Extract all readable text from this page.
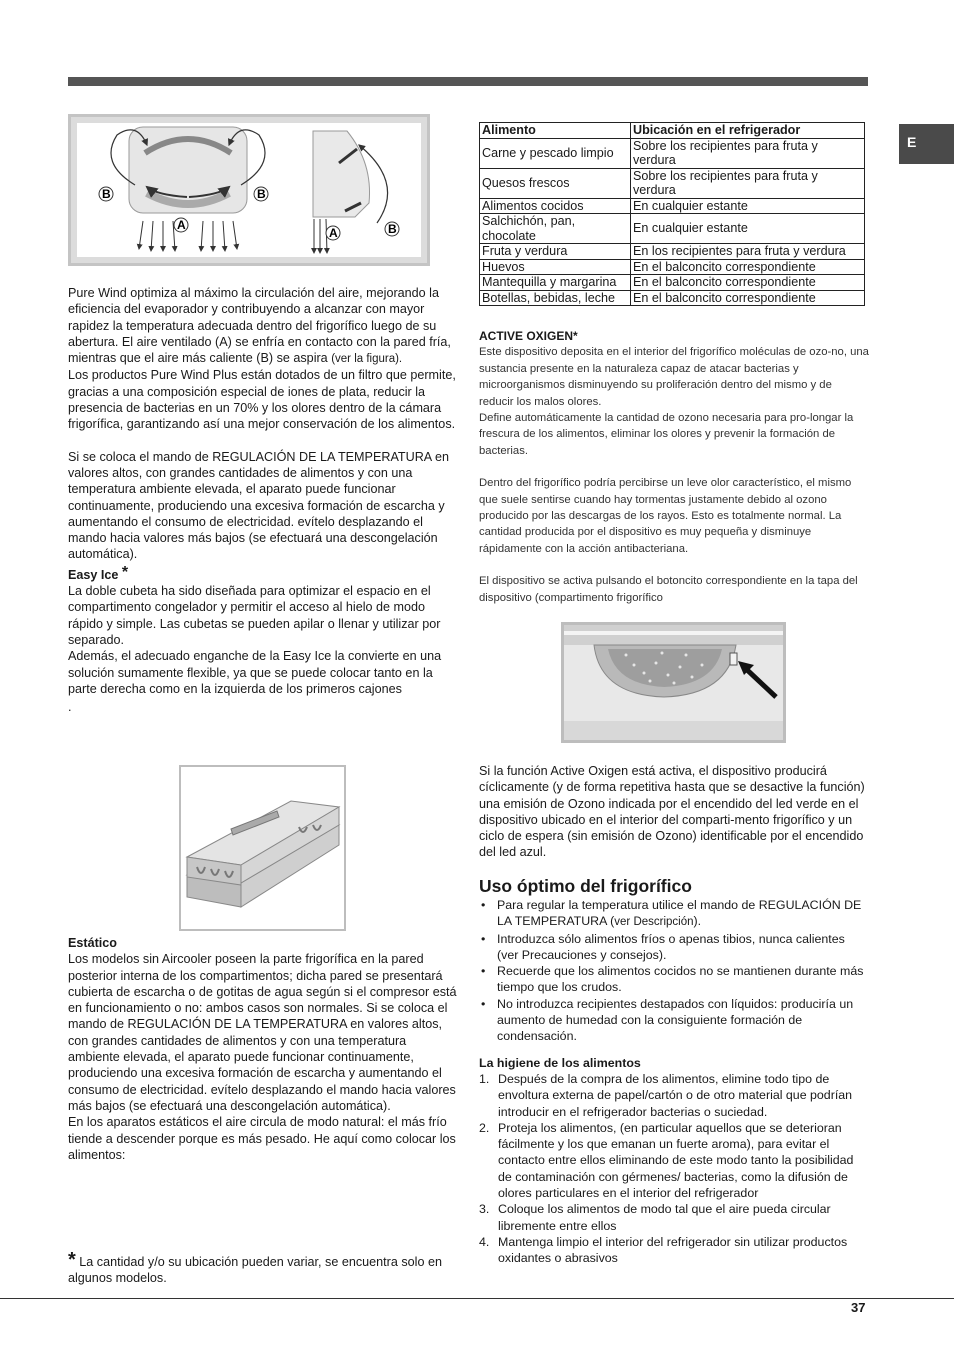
E
B	B
A
A	B

Pure Wind optimiza al máximo la circulación del aire, mejorando la eficiencia del evaporador y contribuyendo a alcanzar con mayor rapidez la temperatura adecuada dentro del frigorífico luego de su abertura. El aire ventilado (A) se enfría en contacto con la pared fría, mientras que el aire más caliente (B) se aspira (ver la figura).

Los productos Pure Wind Plus están dotados de un filtro que permite, gracias a una composición especial de iones de plata, reducir la presencia de bacterias en un 70% y los olores dentro de la cámara frigorífica, garantizando así una mejor conservación de los alimentos.

Si se coloca el mando de REGULACIÓN DE LA TEMPERATURA en valores altos, con grandes cantidades de alimentos y con una temperatura ambiente elevada, el aparato puede funcionar continuamente, produciendo una excesiva formación de escarcha y aumentando el consumo de electricidad. evítelo desplazando el mando hacia valores más bajos (se efectuará una descongelación automática).

Easy Ice *

La doble cubeta ha sido diseñada para optimizar el espacio en el compartimento congelador y permitir el acceso al hielo de modo rápido y simple. Las cubetas se pueden apilar o llenar y utilizar por separado.

Además, el adecuado enganche de la Easy Ice la convierte en una solución sumamente flexible, ya que se puede colocar tanto en la parte derecha como en la izquierda de los primeros cajones

.

Estático

Los modelos sin Aircooler poseen la parte frigorífica en la pared posterior interna de los compartimentos; dicha pared se presentará cubierta de escarcha o de gotitas de agua según si el compresor está en funcionamiento o no: ambos casos son normales. Si se coloca el mando de REGULACIÓN DE LA TEMPERATURA en valores altos, con grandes cantidades de alimentos y con una temperatura ambiente elevada, el aparato puede funcionar continuamente, produciendo una excesiva formación de escarcha y aumentando el consumo de electricidad. evítelo desplazando el mando hacia valores más bajos (se efectuará una descongelación automática).

En los aparatos estáticos el aire circula de modo natural: el más frío tiende a descender porque es más pesado. He aquí como colocar los alimentos:

* La cantidad y/o su ubicación pueden variar, se encuentra solo en algunos modelos.

Alimento	Ubicación en el refrigerador
Carne y pescado limpio	Sobre los recipientes para fruta y verdura
Quesos frescos	Sobre los recipientes para fruta y verdura
Alimentos cocidos	En cualquier estante
Salchichón, pan, chocolate	En cualquier estante
Fruta y verdura	En los recipientes para fruta y verdura
Huevos	En el balconcito correspondiente
Mantequilla y margarina	En el balconcito correspondiente
Botellas, bebidas, leche	En el balconcito correspondiente

ACTIVE OXIGEN*

Este dispositivo deposita en el interior del frigorífico moléculas de ozo-no, una sustancia presente en la naturaleza capaz de atacar bacterias y microorganismos disminuyendo su proliferación dentro del mismo y de reducir los malos olores.

Define automáticamente la cantidad de ozono necesaria para pro-longar la frescura de los alimentos, eliminar los olores y prevenir la formación de bacterias.

Dentro del frigorífico podría percibirse un leve olor característico, el mismo que suele sentirse cuando hay tormentas justamente debido al ozono producido por las descargas de los rayos. Esto es totalmente normal. La cantidad producida por el dispositivo es muy pequeña y disminuye rápidamente con la acción antibacteriana.

El dispositivo se activa pulsando el botoncito correspondiente en la tapa del dispositivo (compartimento frigorífico

Si la función Active Oxigen está activa, el dispositivo producirá cíclicamente (y de forma repetitiva hasta que se desactive la función) una emisión de Ozono indicada por el encendido del led verde en el dispositivo ubicado en el interior del comparti-mento frigorífico y un ciclo de espera (sin emisión de Ozono) identificable por el encendido del led azul.

Uso óptimo del frigorífico
• Para regular la temperatura utilice el mando de REGULACIÓN DE LA TEMPERATURA (ver Descripción).
• Introduzca sólo alimentos fríos o apenas tibios, nunca calientes (ver Precauciones y consejos).
• Recuerde que los alimentos cocidos no se mantienen durante más tiempo que los crudos.
• No introduzca recipientes destapados con líquidos: produciría un aumento de humedad con la consiguiente formación de condensación.

La higiene de los alimentos

1. Después de la compra de los alimentos, elimine todo tipo de envoltura externa de papel/cartón o de otro material que podrían introducir en el refrigerador bacterias o suciedad.
2. Proteja los alimentos, (en particular aquellos que se deterioran fácilmente y los que emanan un fuerte aroma), para evitar el contacto entre ellos eliminando de este modo tanto la posibilidad de contaminación con gérmenes/ bacterias, como la difusión de olores particulares en el interior del refrigerador
3. Coloque los alimentos de modo tal que el aire pueda circular libremente entre ellos
4. Mantenga limpio el interior del refrigerador sin utilizar productos oxidantes o abrasivos
37
